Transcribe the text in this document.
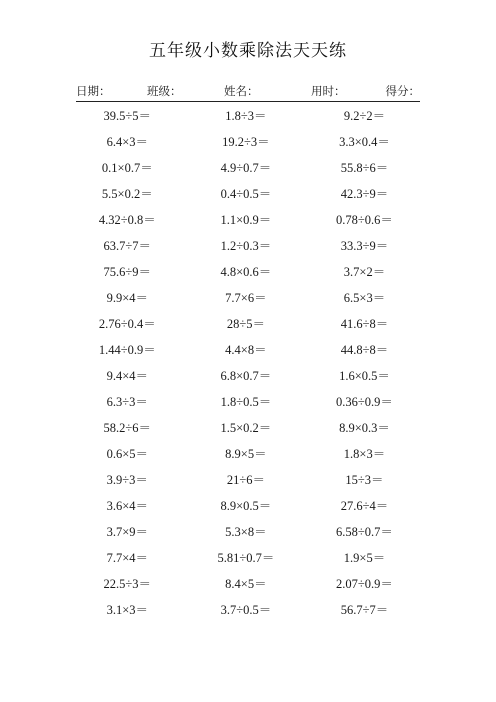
五年级小数乘除法天天练
日期：	班级：	姓名：	用时：	得分：
39.5÷5＝	1.8÷3＝	9.2÷2＝
6.4×3＝	19.2÷3＝	3.3×0.4＝
0.1×0.7＝	4.9÷0.7＝	55.8÷6＝
5.5×0.2＝	0.4÷0.5＝	42.3÷9＝
4.32÷0.8＝	1.1×0.9＝	0.78÷0.6＝
63.7÷7＝	1.2÷0.3＝	33.3÷9＝
75.6÷9＝	4.8×0.6＝	3.7×2＝
9.9×4＝	7.7×6＝	6.5×3＝
2.76÷0.4＝	28÷5＝	41.6÷8＝
1.44÷0.9＝	4.4×8＝	44.8÷8＝
9.4×4＝	6.8×0.7＝	1.6×0.5＝
6.3÷3＝	1.8÷0.5＝	0.36÷0.9＝
58.2÷6＝	1.5×0.2＝	8.9×0.3＝
0.6×5＝	8.9×5＝	1.8×3＝
3.9÷3＝	21÷6＝	15÷3＝
3.6×4＝	8.9×0.5＝	27.6÷4＝
3.7×9＝	5.3×8＝	6.58÷0.7＝
7.7×4＝	5.81÷0.7＝	1.9×5＝
22.5÷3＝	8.4×5＝	2.07÷0.9＝
3.1×3＝	3.7÷0.5＝	56.7÷7＝
